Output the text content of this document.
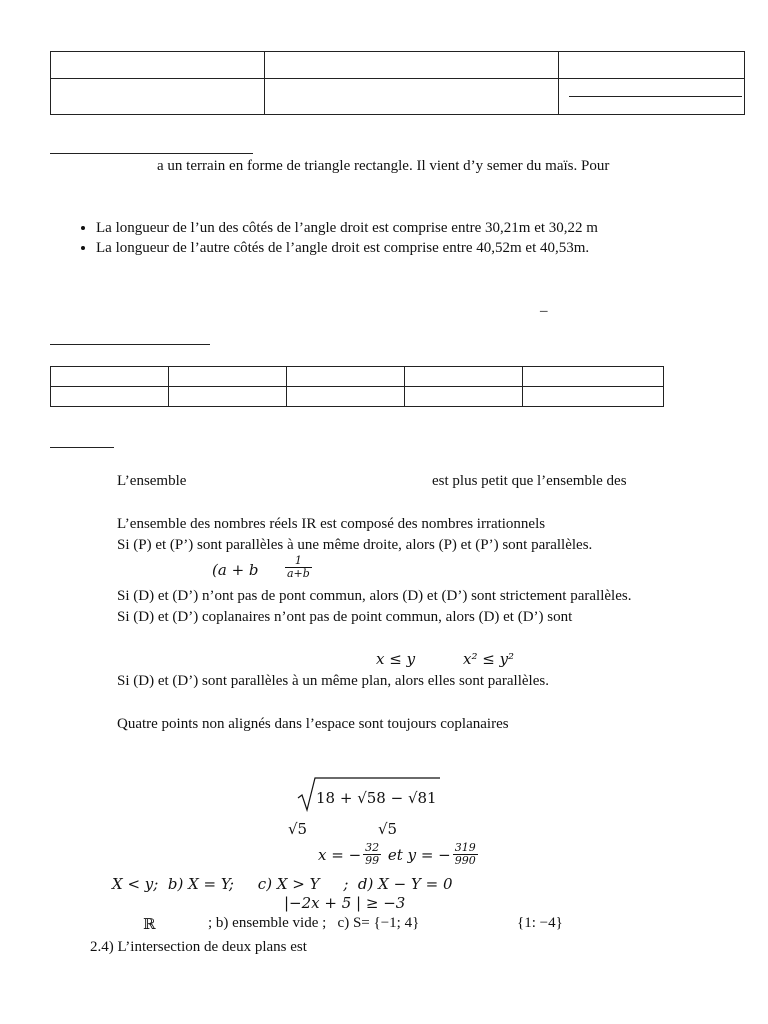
a un terrain en forme de triangle rectangle. Il vient d’y semer du maïs. Pour
• La longueur de l’un des côtés de l’angle droit est comprise entre 30,21m et 30,22 m
• La longueur de l’autre côtés de l’angle droit est comprise entre 40,52m et 40,53m.
–

L’ensemble	est plus petit que l’ensemble des
L’ensemble des nombres réels IR est composé des nombres irrationnels
Si (P) et (P’) sont parallèles à une même droite, alors (P) et (P’) sont parallèles.
(a + b $\frac{1}{a+b}$
Si (D) et (D’) n’ont pas de pont commun, alors (D) et (D’) sont strictement parallèles.
Si (D) et (D’) coplanaires n’ont pas de point commun, alors (D) et (D’) sont
x ≤ y	x² ≤ y²
Si (D) et (D’) sont parallèles à un même plan, alors elles sont parallèles.
Quatre points non alignés dans l’espace sont toujours coplanaires
18 + √58 − √81
√5	√5
x = − $\frac{32}{99}$ et y = − $\frac{319}{990}$
X < y;  b) X = Y;     c) X > Y     ;  d) X − Y = 0
|−2x + 5 | ≥ −3
ℝ	; b) ensemble vide ;   c) S= {−1; 4}	{1: −4}
2.4) L’intersection de deux plans est
